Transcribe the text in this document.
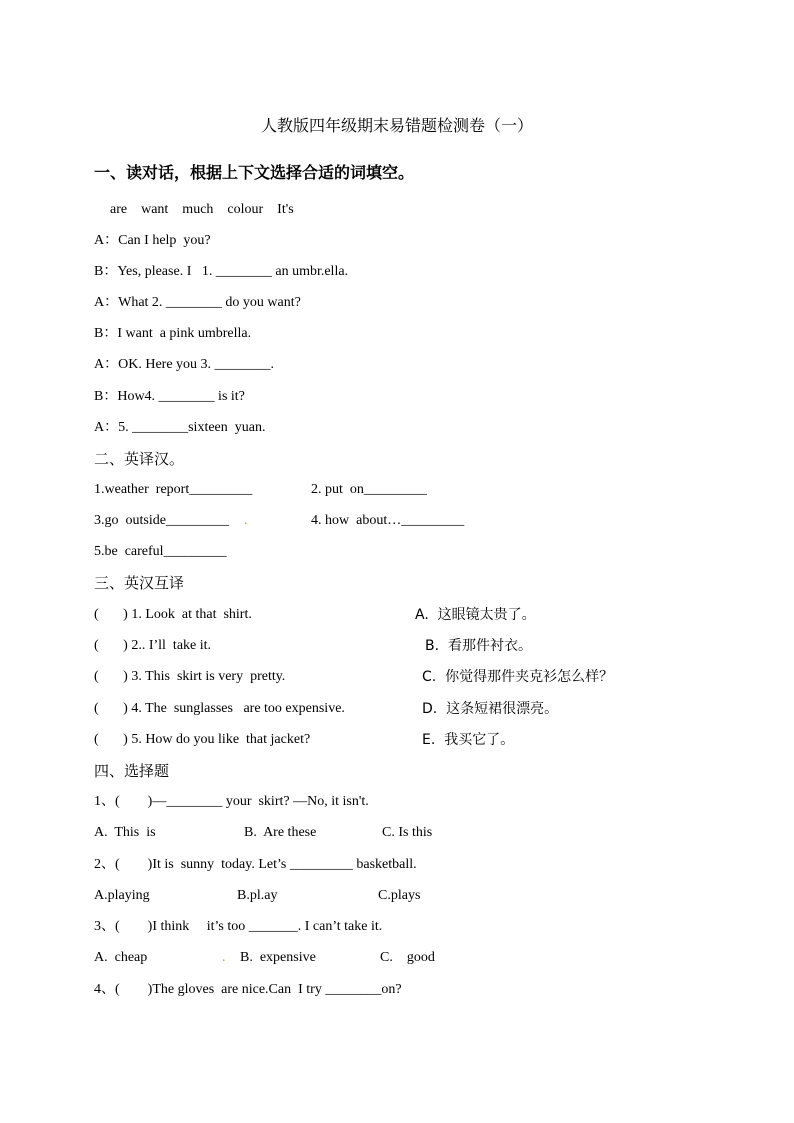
人教版四年级期末易错题检测卷（一）
一、读对话，根据上下文选择合适的词填空。
are    want    much    colour    It's
A：Can I help  you?
B：Yes, please. I   1. ________ an umbr.ella.
A：What 2. ________ do you want?
B：I want  a pink umbrella.
A：OK. Here you 3. ________.
B：How4. ________ is it?
A：5. ________sixteen  yuan.
二、英译汉。
1.weather  report_________	2. put  on_________
3.go  outside_________ .	4. how  about…_________
5.be  careful_________
三、英汉互译
(       ) 1. Look  at that  shirt.	A.  这眼镜太贵了。
(       ) 2.. I’ll  take it.	B.  看那件衬衣。
(       ) 3. This  skirt is very  pretty.	C.  你觉得那件夹克衫怎么样？
(       ) 4. The  sunglasses   are too expensive.	D.  这条短裙很漂亮。
(       ) 5. How do you like  that jacket?	E.  我买它了。
四、选择题
1、(        )—________ your  skirt? —No, it isn't.
A.  This  is	B.  Are these	C. Is this
2、(        )It is  sunny  today. Let’s _________ basketball.
A.playing	B.pl.ay	C.plays
3、(        )I think     it’s too _______. I can’t take it.
A.  cheap	. B.  expensive	C.    good
4、(        )The gloves  are nice.Can  I try ________on?
